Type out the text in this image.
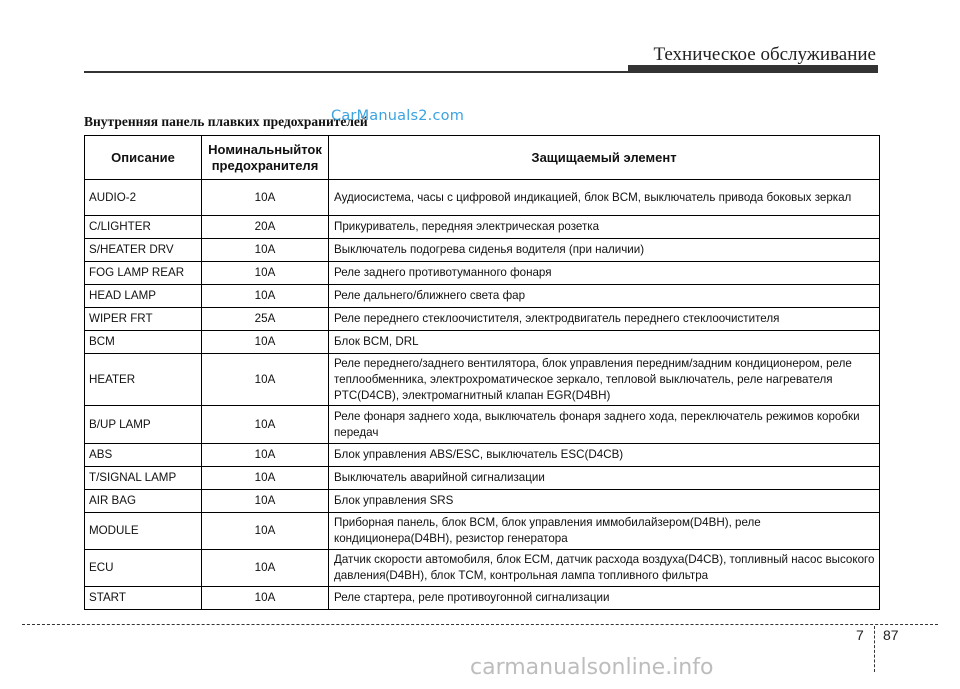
Техническое обслуживание
Внутренняя панель плавких предохранителей
CarManuals2.com
Описание	Номинальныйток предохранителя	Защищаемый элемент
AUDIO-2	10A	Аудиосистема, часы с цифровой индикацией, блок BCM, выключатель привода боковых зеркал
C/LIGHTER	20A	Прикуриватель, передняя электрическая розетка
S/HEATER DRV	10A	Выключатель подогрева сиденья водителя (при наличии)
FOG LAMP REAR	10A	Реле заднего противотуманного фонаря
HEAD LAMP	10A	Реле дальнего/ближнего света фар
WIPER FRT	25A	Реле переднего стеклоочистителя, электродвигатель переднего стеклоочистителя
BCM	10A	Блок BCM, DRL
HEATER	10A	Реле переднего/заднего вентилятора, блок управления передним/задним кондиционером, реле теплообменника, электрохроматическое зеркало, тепловой выключатель, реле нагревателя PTC(D4CB), электромагнитный клапан EGR(D4BH)
B/UP LAMP	10A	Реле фонаря заднего хода, выключатель фонаря заднего хода, переключатель режимов коробки передач
ABS	10A	Блок управления ABS/ESC, выключатель ESC(D4CB)
T/SIGNAL LAMP	10A	Выключатель аварийной сигнализации
AIR BAG	10A	Блок управления SRS
MODULE	10A	Приборная панель, блок BCM, блок управления иммобилайзером(D4BH), реле кондиционера(D4BH), резистор генератора
ECU	10A	Датчик скорости автомобиля, блок ECM, датчик расхода воздуха(D4CB), топливный насос высокого давления(D4BH), блок TCM, контрольная лампа топливного фильтра
START	10A	Реле стартера, реле противоугонной сигнализации
7 87
carmanualsonline.info
